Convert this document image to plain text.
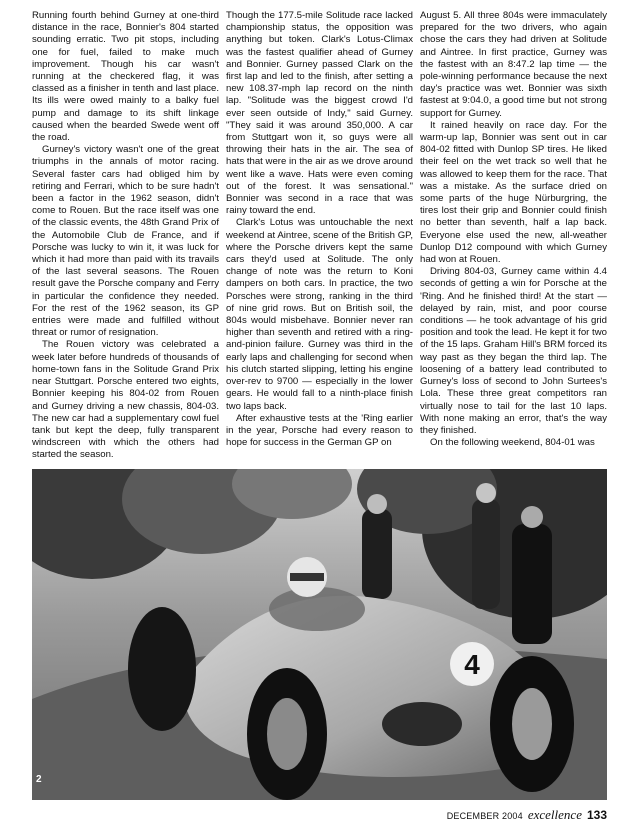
Running fourth behind Gurney at one-third distance in the race, Bonnier's 804 started sounding erratic. Two pit stops, including one for fuel, failed to make much improvement. Though his car wasn't running at the checkered flag, it was classed as a finisher in tenth and last place. Its ills were owed mainly to a balky fuel pump and damage to its shift linkage caused when the bearded Swede went off the road.

Gurney's victory wasn't one of the great triumphs in the annals of motor racing. Several faster cars had obliged him by retiring and Ferrari, which to be sure hadn't been a factor in the 1962 season, didn't come to Rouen. But the race itself was one of the classic events, the 48th Grand Prix of the Automobile Club de France, and if Porsche was lucky to win it, it was luck for which it had more than paid with its travails of the last several seasons. The Rouen result gave the Porsche company and Ferry in particular the confidence they needed. For the rest of the 1962 season, its GP entries were made and fulfilled without threat or rumor of resignation.

The Rouen victory was celebrated a week later before hundreds of thousands of home-town fans in the Solitude Grand Prix near Stuttgart. Porsche entered two eights, Bonnier keeping his 804-02 from Rouen and Gurney driving a new chassis, 804-03. The new car had a supplementary cowl fuel tank but kept the deep, fully transparent windscreen with which the others had started the season.

Though the 177.5-mile Solitude race lacked championship status, the opposition was anything but token. Clark's Lotus-Climax was the fastest qualifier ahead of Gurney and Bonnier. Gurney passed Clark on the first lap and led to the finish, after setting a new 108.37-mph lap record on the ninth lap. "Solitude was the biggest crowd I'd ever seen outside of Indy," said Gurney. "They said it was around 350,000. A car from Stuttgart won it, so guys were all throwing their hats in the air. The sea of hats that were in the air as we drove around went like a wave. Hats were even coming out of the forest. It was sensational." Bonnier was second in a race that was rainy toward the end.

Clark's Lotus was untouchable the next weekend at Aintree, scene of the British GP, where the Porsche drivers kept the same cars they'd used at Solitude. The only change of note was the return to Koni dampers on both cars. In practice, the two Porsches were strong, ranking in the third of nine grid rows. But on British soil, the 804s would misbehave. Bonnier never ran higher than seventh and retired with a ring-and-pinion failure. Gurney was third in the early laps and challenging for second when his clutch started slipping, letting his engine over-rev to 9700 — especially in the lower gears. He would fall to a ninth-place finish two laps back.

After exhaustive tests at the 'Ring earlier in the year, Porsche had every reason to hope for success in the German GP on

August 5. All three 804s were immaculately prepared for the two drivers, who again chose the cars they had driven at Solitude and Aintree. In first practice, Gurney was the fastest with an 8:47.2 lap time — the pole-winning performance because the next day's practice was wet. Bonnier was sixth fastest at 9:04.0, a good time but not strong support for Gurney.

It rained heavily on race day. For the warm-up lap, Bonnier was sent out in car 804-02 fitted with Dunlop SP tires. He liked their feel on the wet track so well that he was allowed to keep them for the race. That was a mistake. As the surface dried on some parts of the huge Nürburgring, the tires lost their grip and Bonnier could finish no better than seventh, half a lap back. Everyone else used the new, all-weather Dunlop D12 compound with which Gurney had won at Rouen.

Driving 804-03, Gurney came within 4.4 seconds of getting a win for Porsche at the 'Ring. And he finished third! At the start — delayed by rain, mist, and poor course conditions — he took advantage of his grid position and took the lead. He kept it for two of the 15 laps. Graham Hill's BRM forced its way past as they began the third lap. The loosening of a battery lead contributed to Gurney's loss of second to John Surtees's Lola. These three great competitors ran virtually nose to tail for the last 10 laps. With none making an error, that's the way they finished.

On the following weekend, 804-01 was

4
2
DECEMBER 2004 excellence 133
